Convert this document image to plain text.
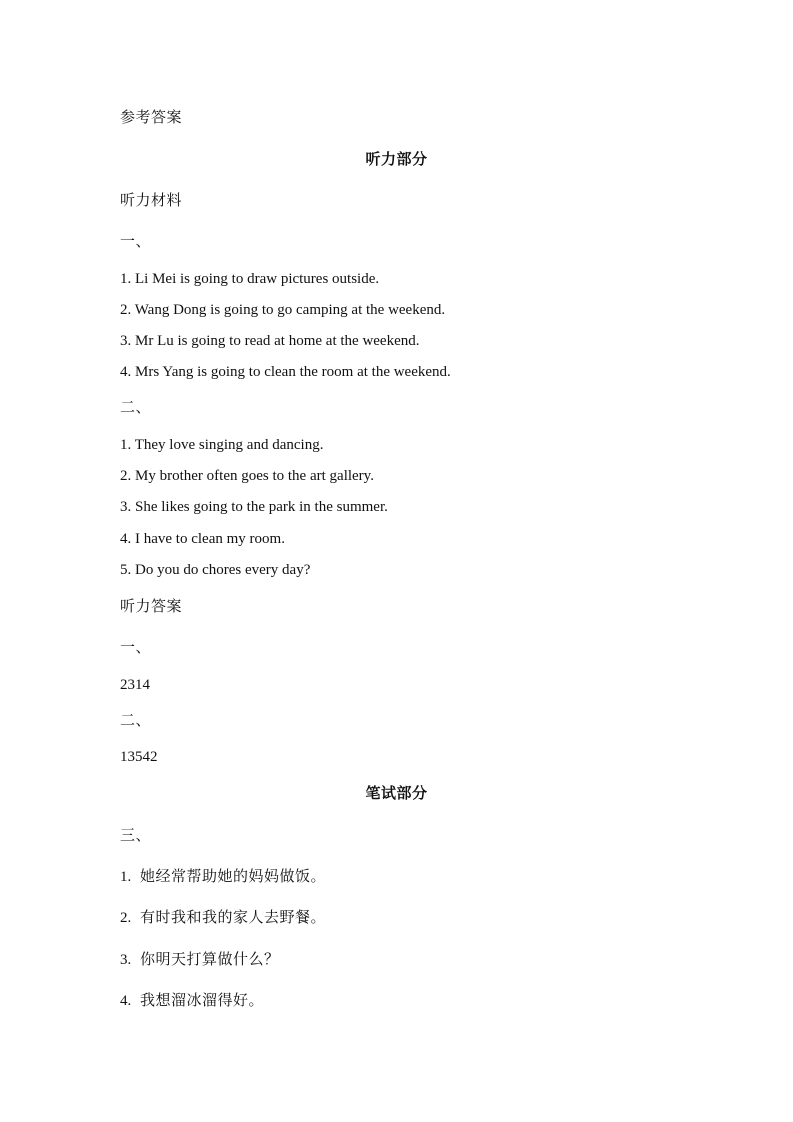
参考答案
听力部分
听力材料
一、
1. Li Mei is going to draw pictures outside.
2. Wang Dong is going to go camping at the weekend.
3. Mr Lu is going to read at home at the weekend.
4. Mrs Yang is going to clean the room at the weekend.
二、
1. They love singing and dancing.
2. My brother often goes to the art gallery.
3. She likes going to the park in the summer.
4. I have to clean my room.
5. Do you do chores every day?
听力答案
一、
2314
二、
13542
笔试部分
三、
1. 她经常帮助她的妈妈做饭。
2. 有时我和我的家人去野餐。
3. 你明天打算做什么？
4. 我想溜冰溜得好。
